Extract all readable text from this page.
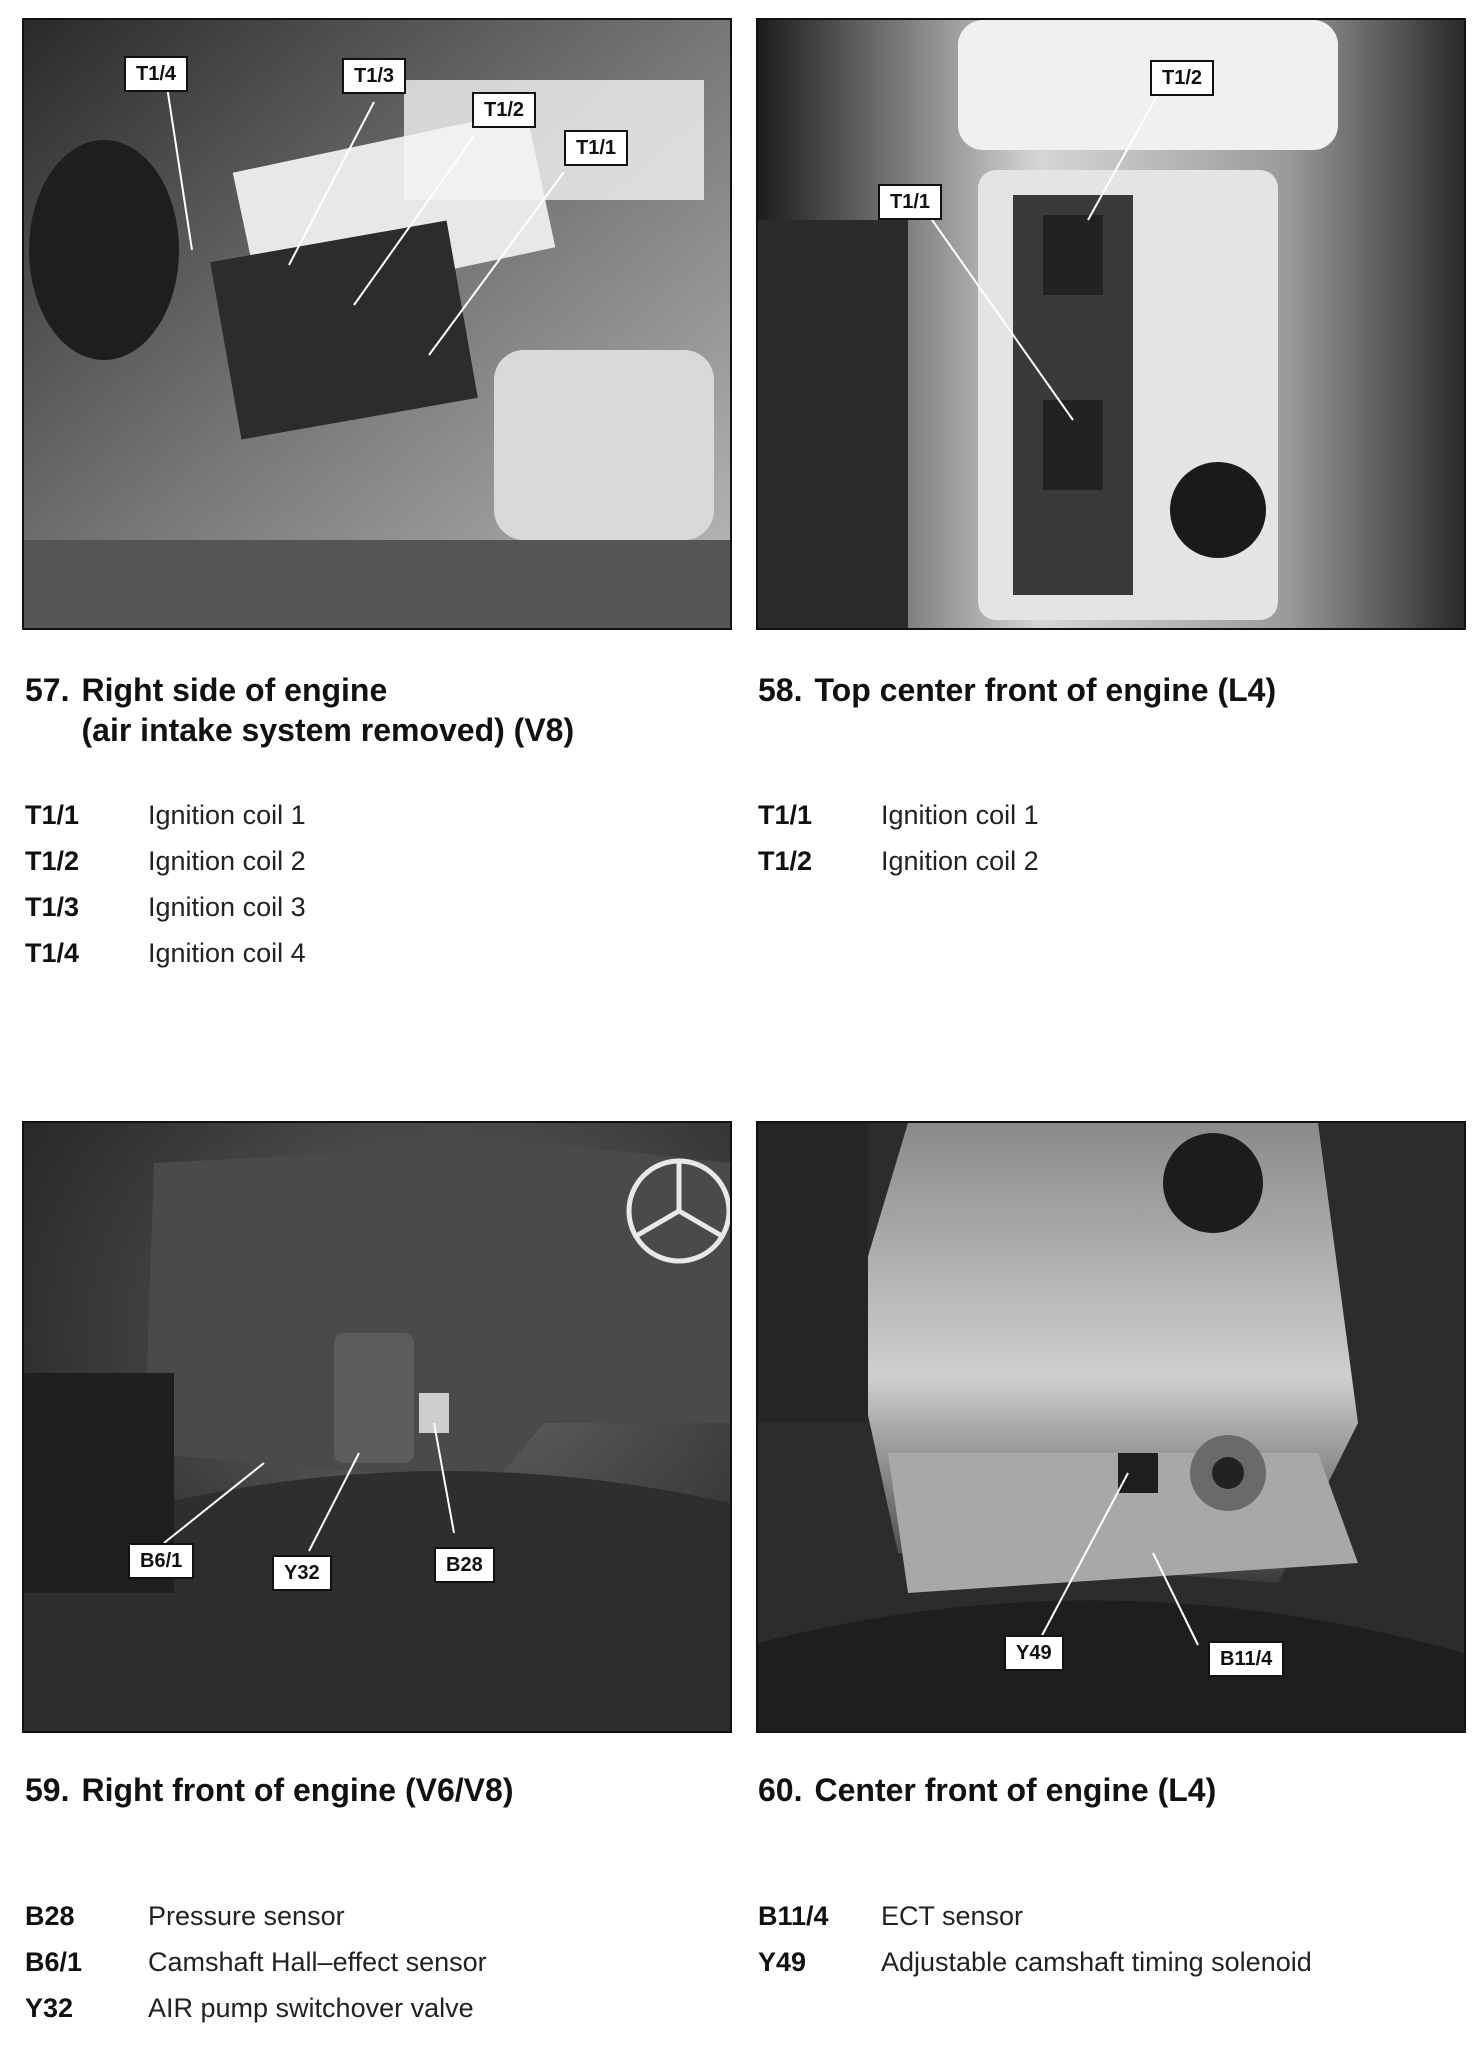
T1/4	T1/3
T1/2
T1/1
57. Right side of engine
(air intake system removed) (V8)
T1/1	Ignition coil 1
T1/2	Ignition coil 2
T1/3	Ignition coil 3
T1/4	Ignition coil 4
T1/2
T1/1
58. Top center front of engine (L4)
T1/1	Ignition coil 1
T1/2	Ignition coil 2
B6/1
Y32	B28
59. Right front of engine (V6/V8)
B28	Pressure sensor
B6/1	Camshaft Hall–effect sensor
Y32	AIR pump switchover valve
Y49	B11/4
60. Center front of engine (L4)
B11/4	ECT sensor
Y49	Adjustable camshaft timing solenoid
